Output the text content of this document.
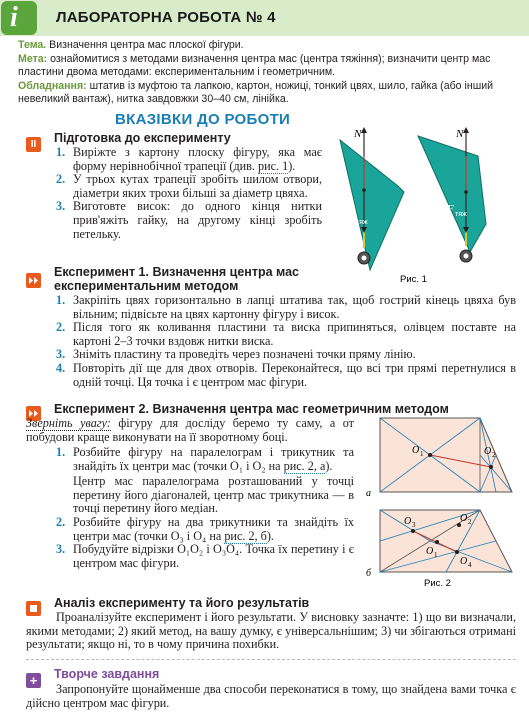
i	ЛАБОРАТОРНА РОБОТА № 4

Тема. Визначення центра мас плоскої фігури.

Мета: ознайомитися з методами визначення центра мас (центра тяжіння); визначити центр мас пластини двома методами: експериментальним і геометричним.

Обладнання: штатив із муфтою та лапкою, картон, ножиці, тонкий цвях, шило, гайка (або інший невеликий вантаж), нитка завдовжки 30–40 см, лінійка.

ВКАЗІВКИ ДО РОБОТИ
II	Підготовка до експерименту
1. Виріжте з картону плоску фігуру, яка має форму нерівнобічної трапеції (див. рис. 1).
2. У трьох кутах трапеції зробіть шилом отвори, діаметри яких трохи більші за діаметр цвяха.
3. Виготовте висок: до одного кінця нитки прив'яжіть гайку, на другому кінці зробіть петельку.
N	N
F тяж
F тяж
Рис. 1
Експеримент 1. Визначення центра мас експериментальним методом
1. Закріпіть цвях горизонтально в лапці штатива так, щоб гострий кінець цвяха був вільним; підвісьте на цвях картонну фігуру і висок.
2. Після того як коливання пластини та виска припиняться, олівцем поставте на картоні 2–3 точки вздовж нитки виска.
3. Зніміть пластину та проведіть через позначені точки пряму лінію.
4. Повторіть дії ще для двох отворів. Переконайтеся, що всі три прямі перетнулися в одній точці. Ця точка і є центром мас фігури.
Експеримент 2. Визначення центра мас геометричним методом
Зверніть увагу: фігуру для досліду беремо ту саму, а от побудови краще виконувати на її зворотному боці.
1. Розбийте фігуру на паралелограм і трикутник та знайдіть їх центри мас (точки O₁ і O₂ на рис. 2, а).
Центр мас паралелограма розташований у точці перетину його діагоналей, центр мас трикутника — в точці перетину його медіан.
2. Розбийте фігуру на два трикутники та знайдіть їх центри мас (точки O₃ і O₄ на рис. 2, б).
3. Побудуйте відрізки O₁O₂ і O₃O₄. Точка їх перетину і є центром мас фігури.
O 1	O 2
а
O 3
O 1
O 2
O 4
б
Рис. 2
Аналіз експерименту та його результатів
Проаналізуйте експеримент і його результати. У висновку зазначте: 1) що ви визначали, якими методами; 2) який метод, на вашу думку, є універсальнішим; 3) чи збігаються отримані результати; якщо ні, то в чому причина похибки.
+ Творче завдання
Запропонуйте щонайменше два способи переконатися в тому, що знайдена вами точка є дійсно центром мас фігури.
